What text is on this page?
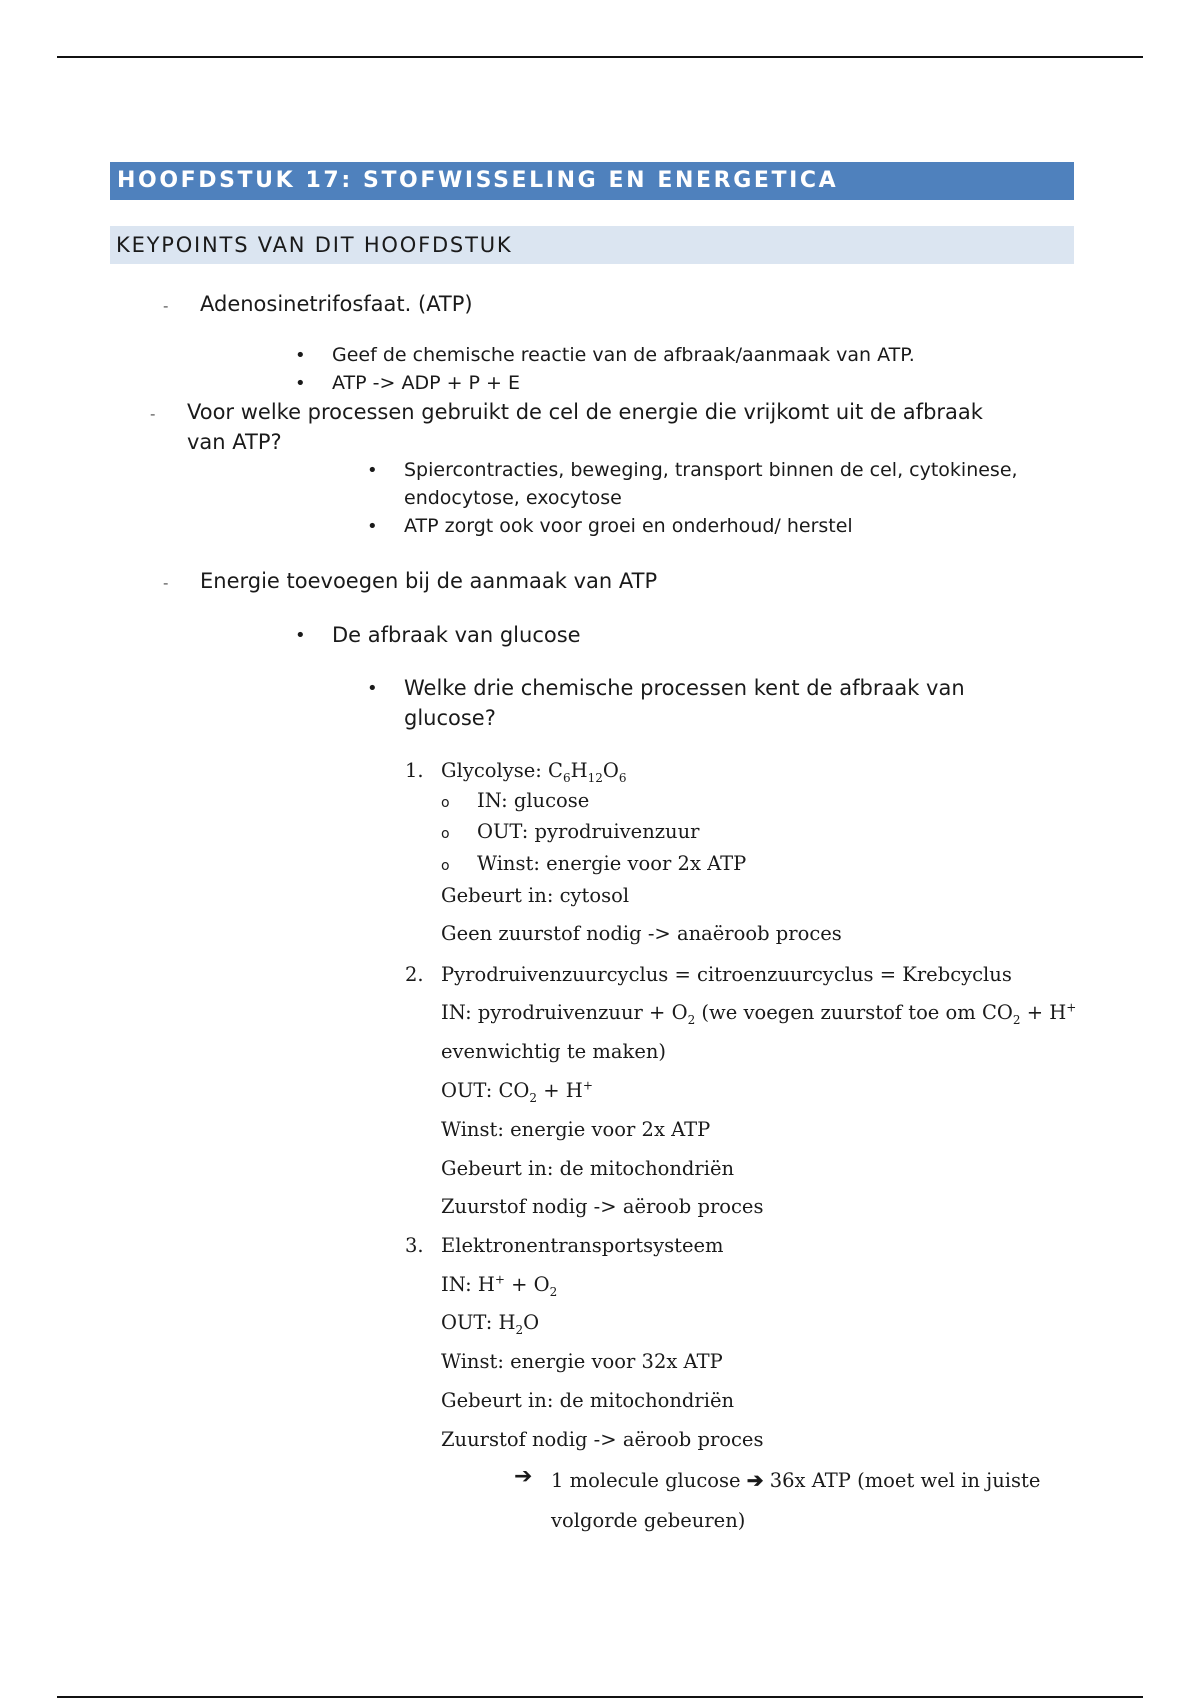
HOOFDSTUK 17: STOFWISSELING EN ENERGETICA
KEYPOINTS VAN DIT HOOFDSTUK
- Adenosinetrifosfaat. (ATP)
• Geef de chemische reactie van de afbraak/aanmaak van ATP.
• ATP -> ADP + P + E
- Voor welke processen gebruikt de cel de energie die vrijkomt uit de afbraak
van ATP?
• Spiercontracties, beweging, transport binnen de cel, cytokinese,
endocytose, exocytose
• ATP zorgt ook voor groei en onderhoud/ herstel
- Energie toevoegen bij de aanmaak van ATP
• De afbraak van glucose
• Welke drie chemische processen kent de afbraak van
glucose?
1. Glycolyse: $C_6H_{12}O_6$
o IN: glucose
o OUT: pyrodruivenzuur
o Winst: energie voor 2x ATP
Gebeurt in: cytosol
Geen zuurstof nodig -> anaëroob proces
2. Pyrodruivenzuurcyclus = citroenzuurcyclus = Krebcyclus
IN: pyrodruivenzuur + $O_2$ (we voegen zuurstof toe om $CO_2 + H^+$
evenwichtig te maken)
OUT: $CO_2 + H^+$
Winst: energie voor 2x ATP
Gebeurt in: de mitochondriën
Zuurstof nodig -> aëroob proces
3. Elektronentransportsysteem
IN: $H^+ + O_2$
OUT: $H_2O$
Winst: energie voor 32x ATP
Gebeurt in: de mitochondriën
Zuurstof nodig -> aëroob proces
➔ 1 molecule glucose ➔ 36x ATP (moet wel in juiste
volgorde gebeuren)
